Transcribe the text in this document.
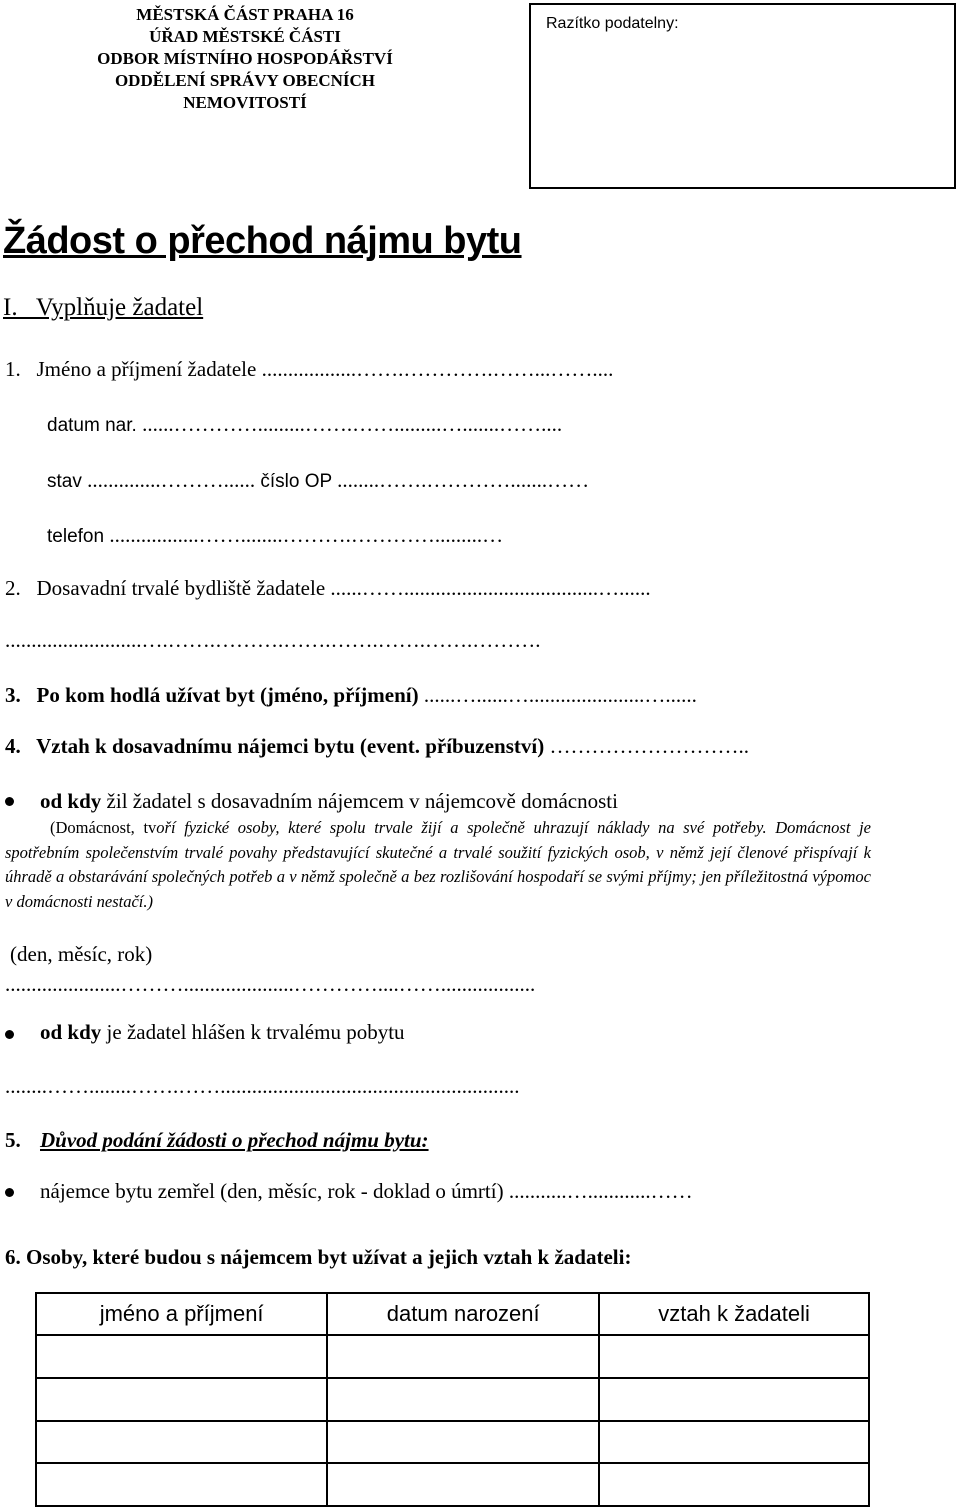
MĚSTSKÁ ČÁST PRAHA 16
ÚŘAD MĚSTSKÉ ČÁSTI
ODBOR MÍSTNÍHO HOSPODÁŘSTVÍ
ODDĚLENÍ SPRÁVY OBECNÍCH
NEMOVITOSTÍ
Razítko podatelny:
Žádost o přechod nájmu bytu
I.   Vyplňuje žadatel
1.   Jméno a příjmení žadatele ..................…….………….……...……....
datum nar. ......………….........…….…….........….......……....
stav ..............………...... číslo OP ........…….………….......……
telefon .................……........……….………….........…
2.   Dosavadní trvalé bydliště žadatele ......…….....................................…......
..........................….…….……….…….…….…….…….……….
3.   Po kom hodlá užívat byt (jméno, příjmení) ......…......…......................…......
4.   Vztah k dosavadnímu nájemci bytu (event. příbuzenství) ………………………..
od kdy žil žadatel s dosavadním nájemcem v nájemcově domácnosti
(Domácnost, tvoří fyzické osoby, které spolu trvale žijí a společně uhrazují náklady na své potřeby. Domácnost je spotřebním společenstvím trvalé povahy představující skutečné a trvalé soužití fyzických osob, v němž její členové přispívají k úhradě a obstarávání společných potřeb a v němž společně a bez rozlišování hospodaří se svými příjmy; jen příležitostná výpomoc v domácnosti nestačí.)
(den, měsíc, rok)
......................……….....................…………....……..................
od kdy je žadatel hlášen k trvalému pobytu
........……........…….…….........................................................
5. Důvod podání žádosti o přechod nájmu bytu:
nájemce bytu zemřel (den, měsíc, rok - doklad o úmrtí) ...........…............……
6. Osoby, které budou s nájemcem byt užívat a jejich vztah k žadateli:
jméno a příjmení	datum narození	vztah k žadateli
